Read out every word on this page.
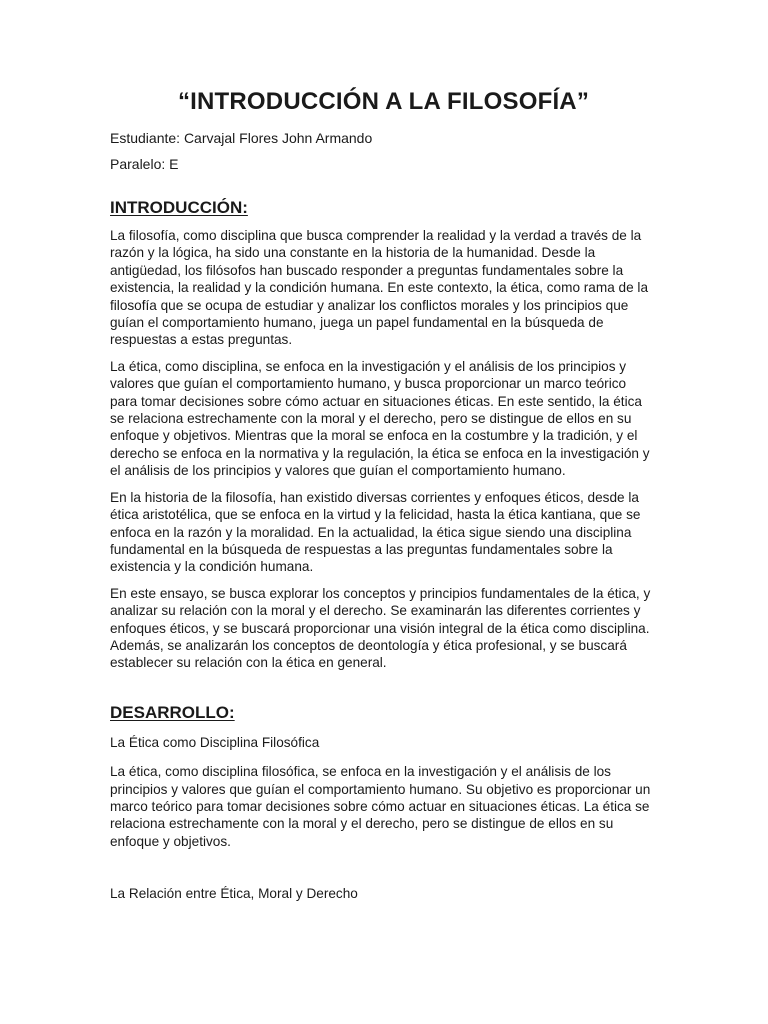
“INTRODUCCIÓN A LA FILOSOFÍA”

Estudiante: Carvajal Flores John Armando

Paralelo: E

INTRODUCCIÓN:

La filosofía, como disciplina que busca comprender la realidad y la verdad a través de la razón y la lógica, ha sido una constante en la historia de la humanidad. Desde la antigüedad, los filósofos han buscado responder a preguntas fundamentales sobre la existencia, la realidad y la condición humana. En este contexto, la ética, como rama de la filosofía que se ocupa de estudiar y analizar los conflictos morales y los principios que guían el comportamiento humano, juega un papel fundamental en la búsqueda de respuestas a estas preguntas.

La ética, como disciplina, se enfoca en la investigación y el análisis de los principios y valores que guían el comportamiento humano, y busca proporcionar un marco teórico para tomar decisiones sobre cómo actuar en situaciones éticas. En este sentido, la ética se relaciona estrechamente con la moral y el derecho, pero se distingue de ellos en su enfoque y objetivos. Mientras que la moral se enfoca en la costumbre y la tradición, y el derecho se enfoca en la normativa y la regulación, la ética se enfoca en la investigación y el análisis de los principios y valores que guían el comportamiento humano.

En la historia de la filosofía, han existido diversas corrientes y enfoques éticos, desde la ética aristotélica, que se enfoca en la virtud y la felicidad, hasta la ética kantiana, que se enfoca en la razón y la moralidad. En la actualidad, la ética sigue siendo una disciplina fundamental en la búsqueda de respuestas a las preguntas fundamentales sobre la existencia y la condición humana.

En este ensayo, se busca explorar los conceptos y principios fundamentales de la ética, y analizar su relación con la moral y el derecho. Se examinarán las diferentes corrientes y enfoques éticos, y se buscará proporcionar una visión integral de la ética como disciplina. Además, se analizarán los conceptos de deontología y ética profesional, y se buscará establecer su relación con la ética en general.

DESARROLLO:

La Ética como Disciplina Filosófica

La ética, como disciplina filosófica, se enfoca en la investigación y el análisis de los principios y valores que guían el comportamiento humano. Su objetivo es proporcionar un marco teórico para tomar decisiones sobre cómo actuar en situaciones éticas. La ética se relaciona estrechamente con la moral y el derecho, pero se distingue de ellos en su enfoque y objetivos.

La Relación entre Ética, Moral y Derecho
